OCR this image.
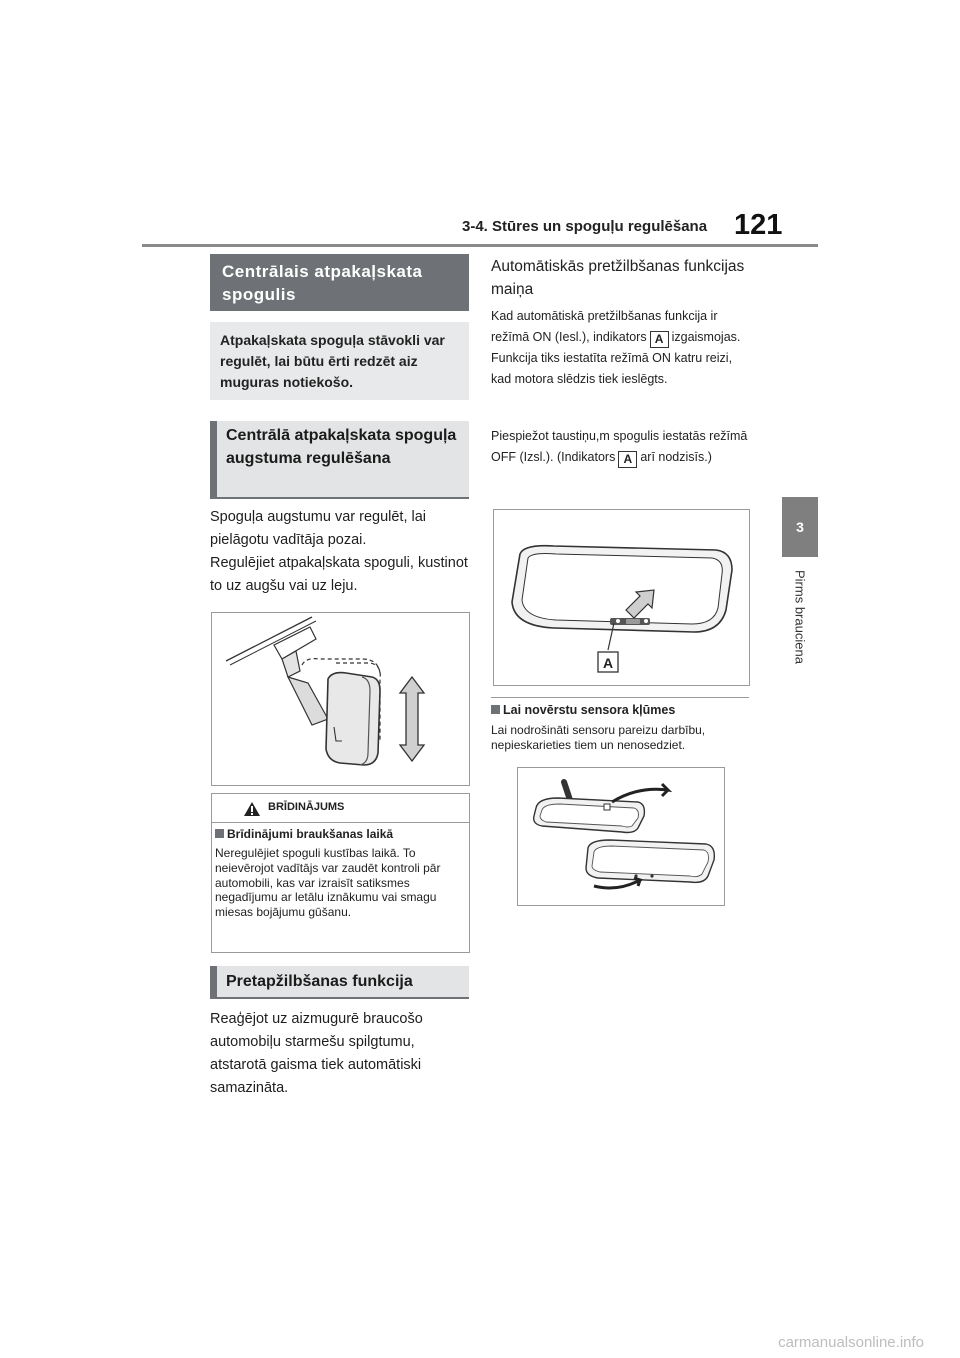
3-4. Stūres un spoguļu regulēšana 121
3
Pirms brauciena
Centrālais atpakaļskata spogulis
Atpakaļskata spoguļa stāvokli var regulēt, lai būtu ērti redzēt aiz muguras notiekošo.
Centrālā atpakaļskata spoguļa augstuma regulēšana
Spoguļa augstumu var regulēt, lai pielāgotu vadītāja pozai.
Regulējiet atpakaļskata spoguli, kustinot to uz augšu vai uz leju.
BRĪDINĀJUMS
Brīdinājumi braukšanas laikā
Neregulējiet spoguli kustības laikā. To neievērojot vadītājs var zaudēt kontroli pār automobili, kas var izraisīt satiksmes negadījumu ar letālu iznākumu vai smagu miesas bojājumu gūšanu.
Pretapžilbšanas funkcija
Reaģējot uz aizmugurē braucošo automobiļu starmešu spilgtumu, atstarotā gaisma tiek automātiski samazināta.
Automātiskās pretžilbšanas funkcijas maiņa
Kad automātiskā pretžilbšanas funkcija ir režīmā ON (Iesl.), indikators A izgaismojas. Funkcija tiks iestatīta režīmā ON katru reizi, kad motora slēdzis tiek ieslēgts.
Piespiežot taustiņu,m spogulis iestatās režīmā OFF (Izsl.). (Indikators A arī nodzisīs.)
A
Lai novērstu sensora kļūmes
Lai nodrošināti sensoru pareizu darbību, nepieskarieties tiem un nenosedziet.
carmanualsonline.info
